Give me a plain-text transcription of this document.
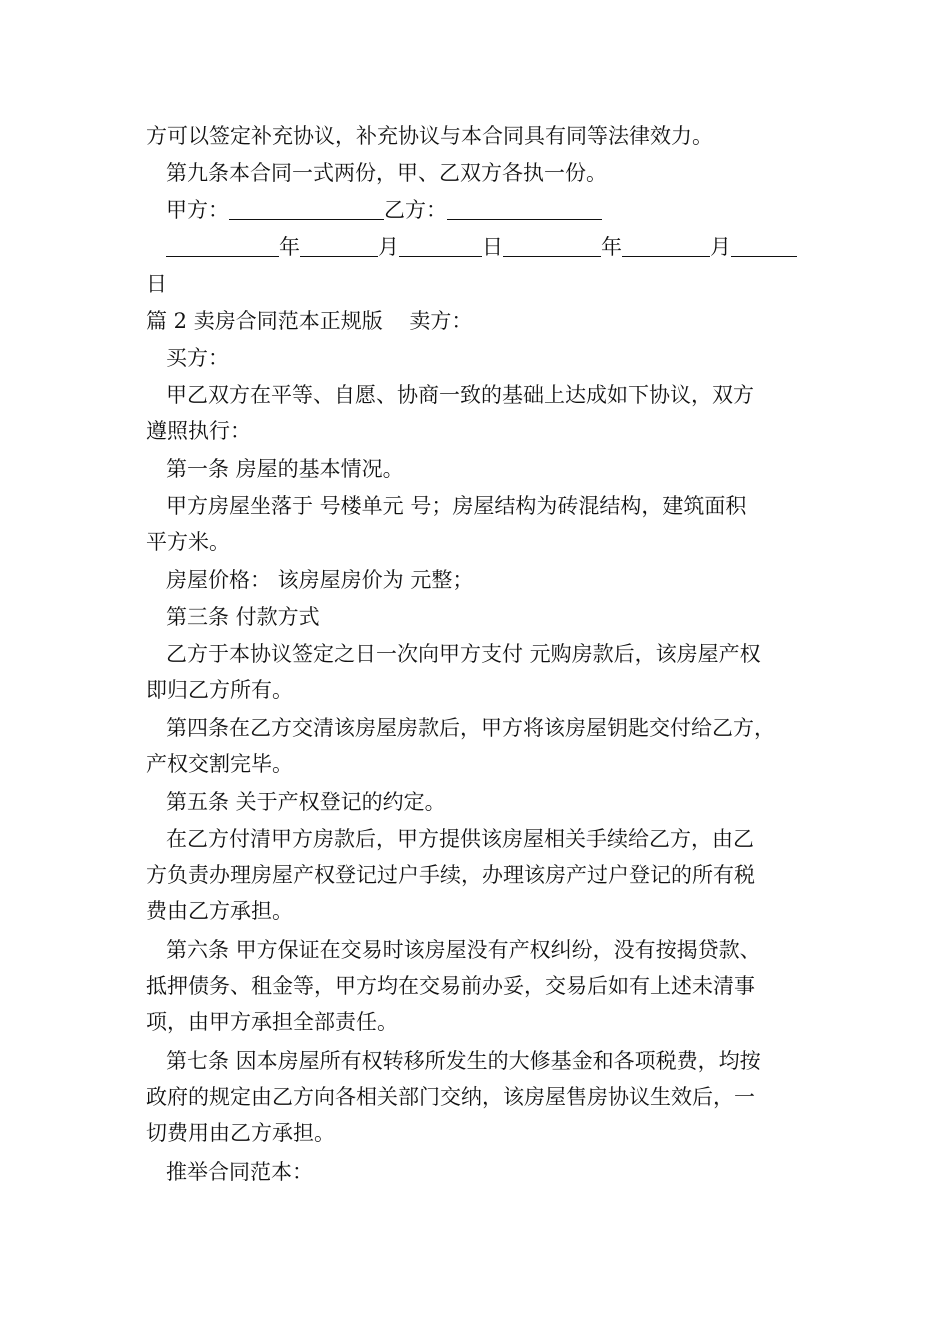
方可以签定补充协议，补充协议与本合同具有同等法律效力。

第九条本合同一式两份，甲、乙双方各执一份。

甲方：	乙方：

年	月	日	年	月

日

篇 2 卖房合同范本正规版    卖方：

买方：

甲乙双方在平等、自愿、协商一致的基础上达成如下协议，双方
遵照执行：

第一条 房屋的基本情况。

甲方房屋坐落于 号楼单元 号；房屋结构为砖混结构，建筑面积
平方米。

房屋价格： 该房屋房价为 元整；

第三条 付款方式

乙方于本协议签定之日一次向甲方支付 元购房款后，该房屋产权
即归乙方所有。

第四条在乙方交清该房屋房款后，甲方将该房屋钥匙交付给乙方，
产权交割完毕。

第五条 关于产权登记的约定。

在乙方付清甲方房款后，甲方提供该房屋相关手续给乙方，由乙
方负责办理房屋产权登记过户手续，办理该房产过户登记的所有税
费由乙方承担。

第六条 甲方保证在交易时该房屋没有产权纠纷，没有按揭贷款、
抵押债务、租金等，甲方均在交易前办妥，交易后如有上述未清事
项，由甲方承担全部责任。

第七条 因本房屋所有权转移所发生的大修基金和各项税费，均按
政府的规定由乙方向各相关部门交纳，该房屋售房协议生效后，一
切费用由乙方承担。

推举合同范本：
